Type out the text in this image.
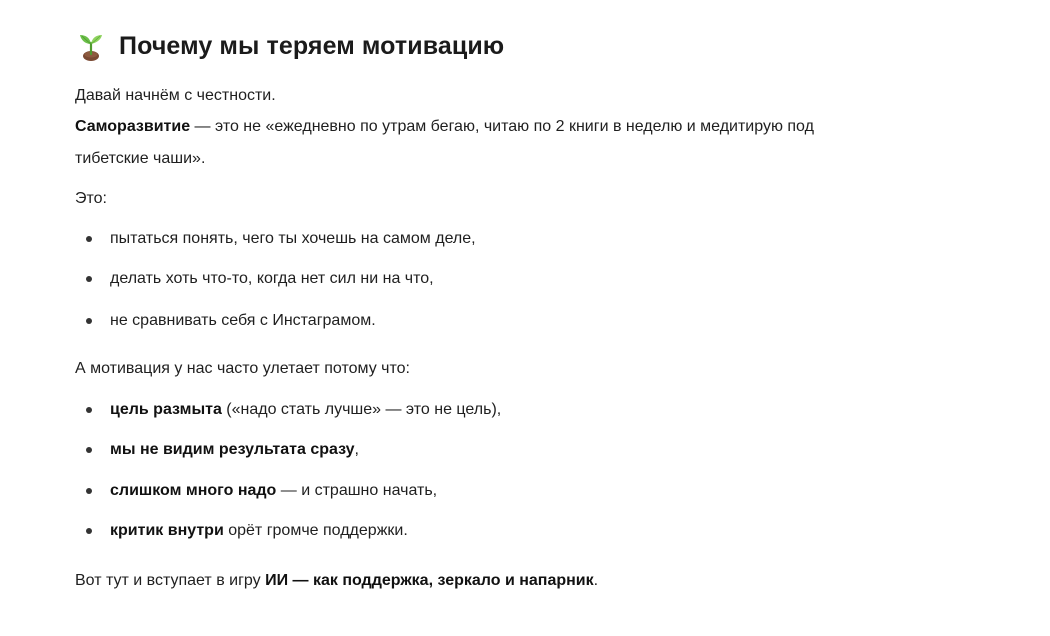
Почему мы теряем мотивацию
Давай начнём с честности.
Саморазвитие — это не «ежедневно по утрам бегаю, читаю по 2 книги в неделю и медитирую под
тибетские чаши».
Это:
пытаться понять, чего ты хочешь на самом деле,
делать хоть что-то, когда нет сил ни на что,
не сравнивать себя с Инстаграмом.
А мотивация у нас часто улетает потому что:
цель размыта («надо стать лучше» — это не цель),
мы не видим результата сразу,
слишком много надо — и страшно начать,
критик внутри орёт громче поддержки.
Вот тут и вступает в игру ИИ — как поддержка, зеркало и напарник.
